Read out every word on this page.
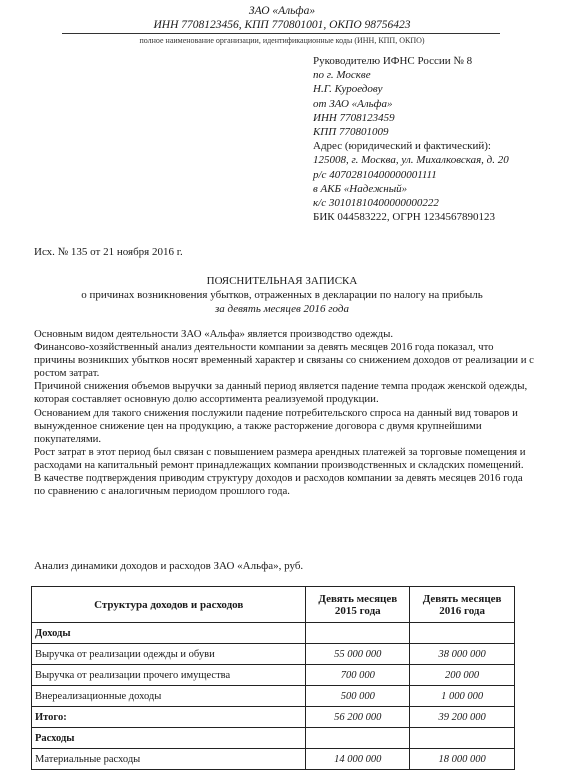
ЗАО «Альфа»
ИНН 7708123456, КПП 770801001, ОКПО 98756423
полное наименование организации, идентификационные коды (ИНН, КПП, ОКПО)
Руководителю ИФНС России № 8
по г. Москве
Н.Г. Куроедову
от ЗАО «Альфа»
ИНН 7708123459
КПП 770801009
Адрес (юридический и фактический):
125008, г. Москва, ул. Михалковская, д. 20
р/с 40702810400000001111
в АКБ «Надежный»
к/с 30101810400000000222
БИК 044583222, ОГРН 1234567890123
Исх. № 135 от 21 ноября 2016 г.
ПОЯСНИТЕЛЬНАЯ ЗАПИСКА
о причинах возникновения убытков, отраженных в декларации по налогу на прибыль
за девять месяцев 2016 года

Основным видом деятельности ЗАО «Альфа» является производство одежды.

Финансово-хозяйственный анализ деятельности компании за девять месяцев 2016 года показал, что причины возникших убытков носят временный характер и связаны со снижением доходов от реализации и с ростом затрат.

Причиной снижения объемов выручки за данный период является падение темпа продаж женской одежды, которая составляет основную долю ассортимента реализуемой продукции.

Основанием для такого снижения послужили падение потребительского спроса на данный вид товаров и вынужденное снижение цен на продукцию, а также расторжение договора с двумя крупнейшими покупателями.

Рост затрат в этот период был связан с повышением размера арендных платежей за торговые помещения и расходами на капитальный ремонт принадлежащих компании производственных и складских помещений.

В качестве подтверждения приводим структуру доходов и расходов компании за девять месяцев 2016 года по сравнению с аналогичным периодом прошлого года.

Анализ динамики доходов и расходов ЗАО «Альфа», руб.
Структура доходов и расходов	Девять месяцев 2015 года	Девять месяцев 2016 года
Доходы		
Выручка от реализации одежды и обуви	55 000 000	38 000 000
Выручка от реализации прочего имущества	700 000	200 000
Внереализационные доходы	500 000	1 000 000
Итого:	56 200 000	39 200 000
Расходы		
Материальные расходы	14 000 000	18 000 000
